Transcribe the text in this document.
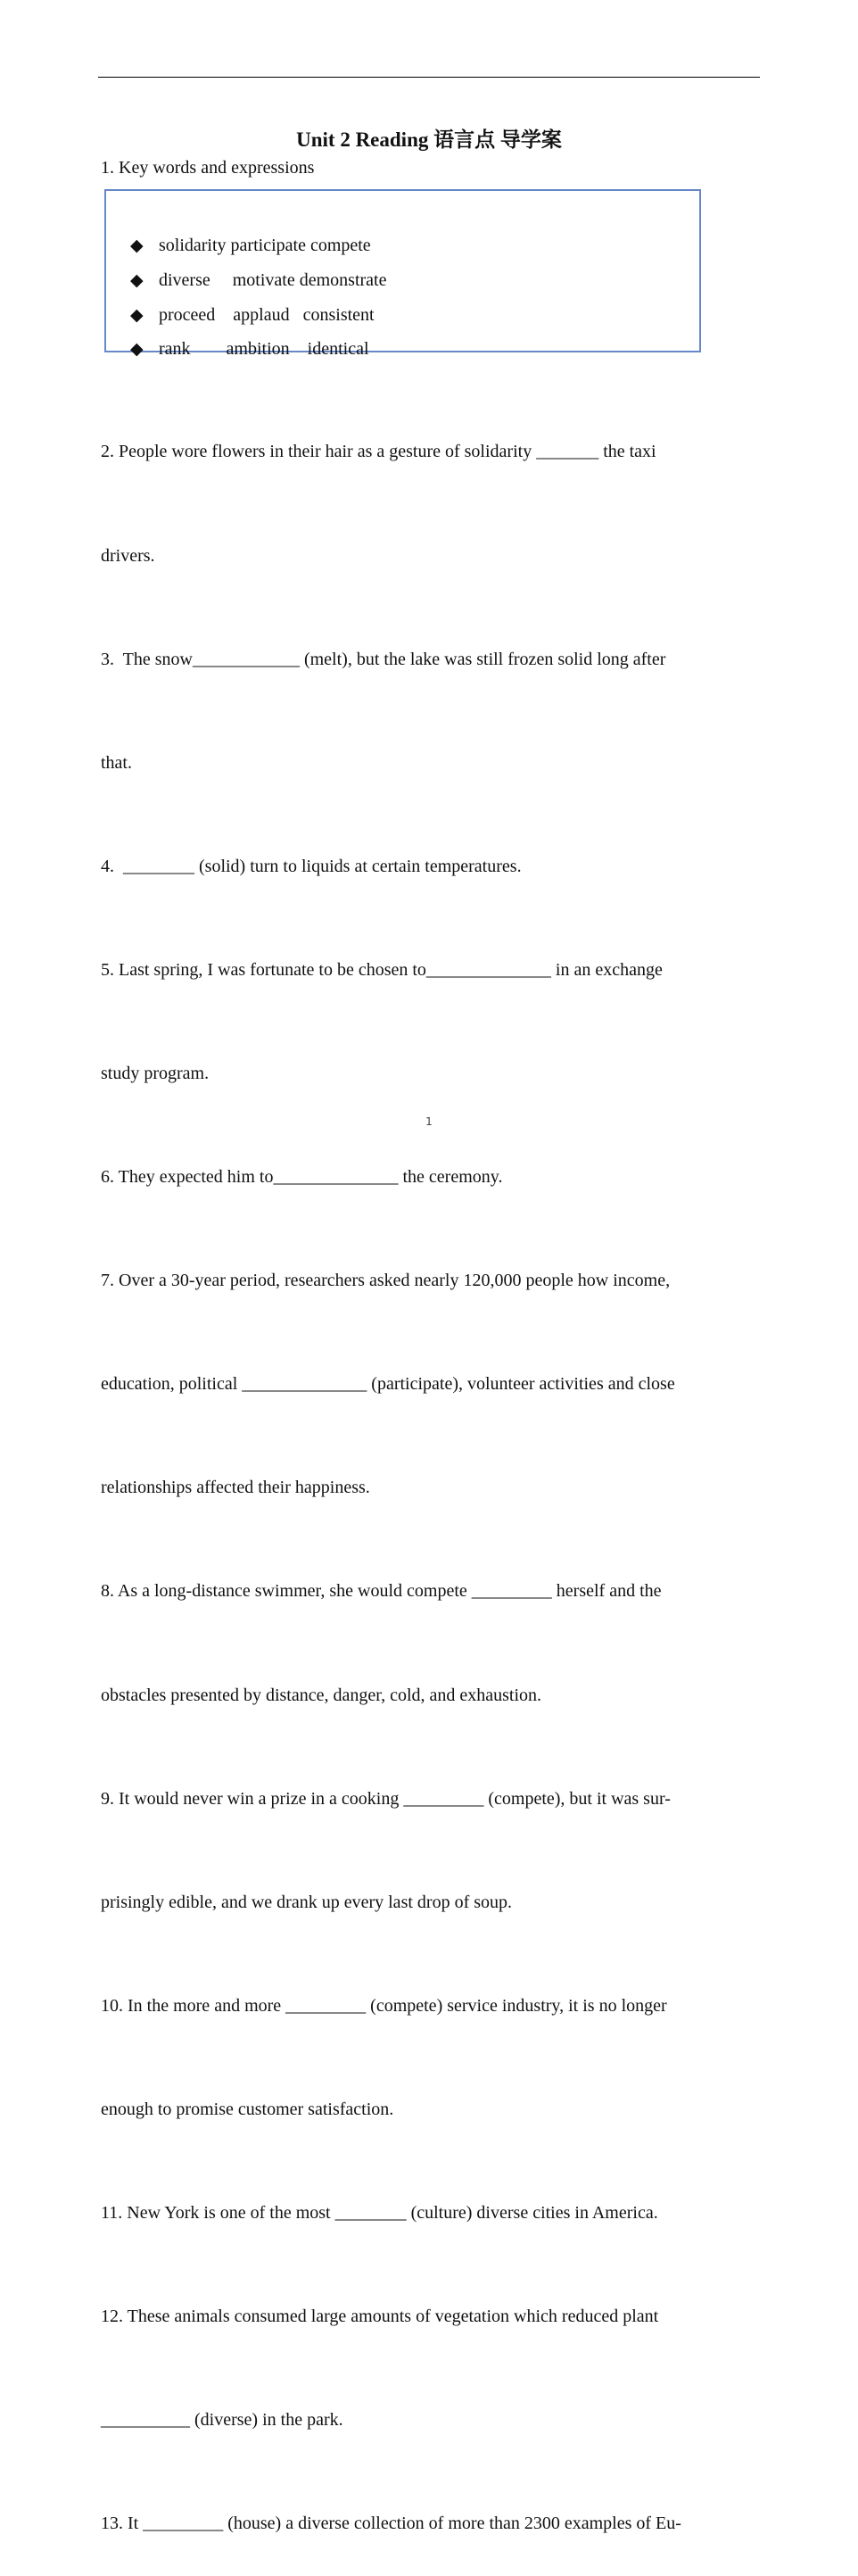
Unit 2 Reading 语言点 导学案
1. Key words and expressions

◆ solidarity participate compete

◆ diverse     motivate demonstrate

◆ proceed    applaud   consistent

◆ rank        ambition    identical

2. People wore flowers in their hair as a gesture of solidarity _______ the taxi

drivers.

3.  The snow____________ (melt), but the lake was still frozen solid long after

that.

4.  ________ (solid) turn to liquids at certain temperatures.

5. Last spring, I was fortunate to be chosen to______________ in an exchange

study program.

6. They expected him to______________ the ceremony.

7. Over a 30-year period, researchers asked nearly 120,000 people how income,

education, political ______________ (participate), volunteer activities and close

relationships affected their happiness.

8. As a long-distance swimmer, she would compete _________ herself and the

obstacles presented by distance, danger, cold, and exhaustion.

9. It would never win a prize in a cooking _________ (compete), but it was sur-

prisingly edible, and we drank up every last drop of soup.

10. In the more and more _________ (compete) service industry, it is no longer

enough to promise customer satisfaction.

11. New York is one of the most ________ (culture) diverse cities in America.

12. These animals consumed large amounts of vegetation which reduced plant

__________ (diverse) in the park.

13. It _________ (house) a diverse collection of more than 2300 examples of Eu-

1
